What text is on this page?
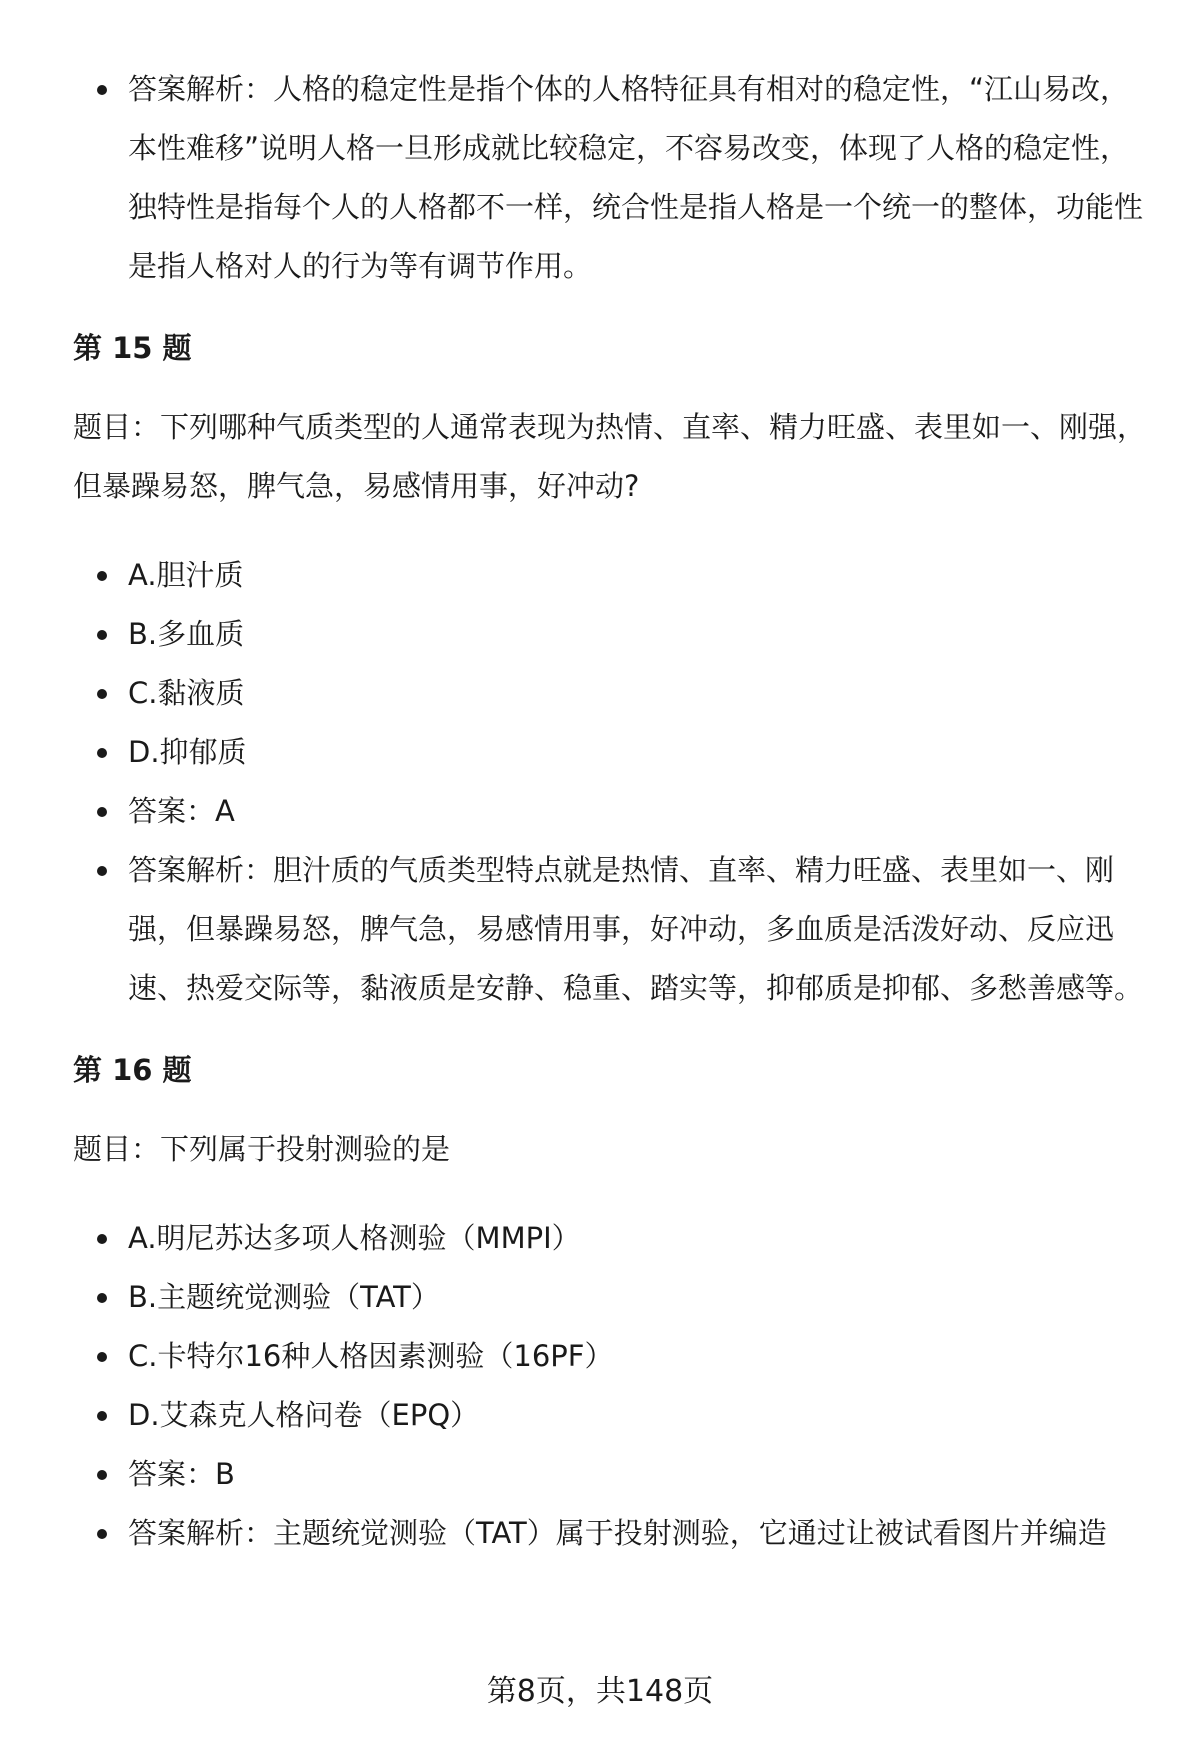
答案解析：人格的稳定性是指个体的人格特征具有相对的稳定性，“江山易改，本性难移”说明人格一旦形成就比较稳定，不容易改变，体现了人格的稳定性，独特性是指每个人的人格都不一样，统合性是指人格是一个统一的整体，功能性是指人格对人的行为等有调节作用。
第 15 题

题目：下列哪种气质类型的人通常表现为热情、直率、精力旺盛、表里如一、刚强，但暴躁易怒，脾气急，易感情用事，好冲动?

A.胆汁质
B.多血质
C.黏液质
D.抑郁质
答案：A
答案解析：胆汁质的气质类型特点就是热情、直率、精力旺盛、表里如一、刚强，但暴躁易怒，脾气急，易感情用事，好冲动，多血质是活泼好动、反应迅速、热爱交际等，黏液质是安静、稳重、踏实等，抑郁质是抑郁、多愁善感等。
第 16 题

题目：下列属于投射测验的是

A.明尼苏达多项人格测验（MMPI）
B.主题统觉测验（TAT）
C.卡特尔16种人格因素测验（16PF）
D.艾森克人格问卷（EPQ）
答案：B
答案解析：主题统觉测验（TAT）属于投射测验，它通过让被试看图片并编造
第8页，共148页
